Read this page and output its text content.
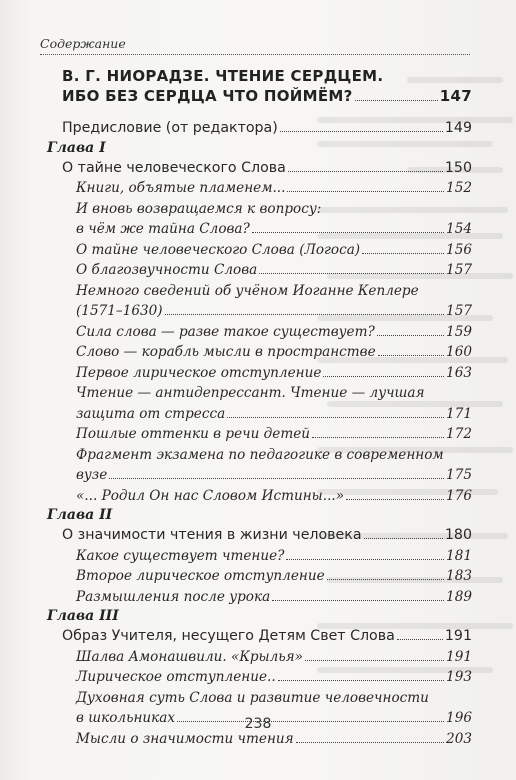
Содержание
В. Г. НИОРАДЗЕ. ЧТЕНИЕ СЕРДЦЕМ.
ИБО БЕЗ СЕРДЦА ЧТО ПОЙМЁМ?	147
Предисловие (от редактора)	149
Глава I
О тайне человеческого Слова	150
Книги, объятые пламенем...	152
И вновь возвращаемся к вопросу:
в чём же тайна Слова?	154
О тайне человеческого Слова (Логоса)	156
О благозвучности Слова	157
Немного сведений об учёном Иоганне Кеплере
(1571–1630)	157
Сила слова — разве такое существует?	159
Слово — корабль мысли в пространстве	160
Первое лирическое отступление	163
Чтение — антидепрессант. Чтение — лучшая
защита от стресса	171
Пошлые оттенки в речи детей	172
Фрагмент экзамена по педагогике в современном
вузе	175
«... Родил Он нас Словом Истины...»	176
Глава II
О значимости чтения в жизни человека	180
Какое существует чтение?	181
Второе лирическое отступление	183
Размышления после урока	189
Глава III
Образ Учителя, несущего Детям Свет Слова	191
Шалва Амонашвили. «Крылья»	191
Лирическое отступление..	193
Духовная суть Слова и развитие человечности
в школьниках	196
Мысли о значимости чтения	203
238
